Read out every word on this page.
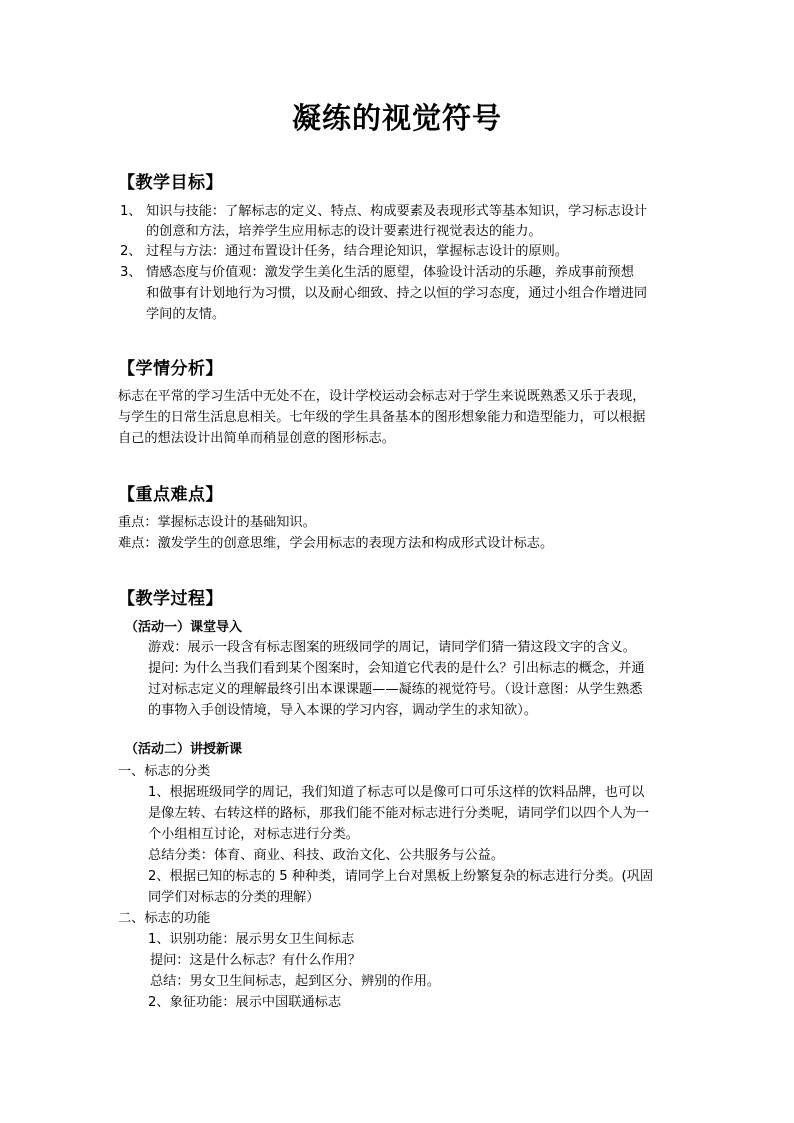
凝练的视觉符号
【教学目标】
1、 知识与技能：了解标志的定义、特点、构成要素及表现形式等基本知识，学习标志设计
的创意和方法，培养学生应用标志的设计要素进行视觉表达的能力。
2、 过程与方法：通过布置设计任务，结合理论知识，掌握标志设计的原则。
3、 情感态度与价值观：激发学生美化生活的愿望，体验设计活动的乐趣，养成事前预想
和做事有计划地行为习惯，以及耐心细致、持之以恒的学习态度，通过小组合作增进同
学间的友情。
【学情分析】
标志在平常的学习生活中无处不在，设计学校运动会标志对于学生来说既熟悉又乐于表现，
与学生的日常生活息息相关。七年级的学生具备基本的图形想象能力和造型能力，可以根据
自己的想法设计出简单而稍显创意的图形标志。
【重点难点】
重点：掌握标志设计的基础知识。
难点：激发学生的创意思维，学会用标志的表现方法和构成形式设计标志。
【教学过程】
（活动一）课堂导入
游戏：展示一段含有标志图案的班级同学的周记，请同学们猜一猜这段文字的含义。
提问: 为什么当我们看到某个图案时，会知道它代表的是什么？引出标志的概念，并通
过对标志定义的理解最终引出本课课题——凝练的视觉符号。（设计意图：从学生熟悉
的事物入手创设情境，导入本课的学习内容，调动学生的求知欲）。
（活动二）讲授新课
一、标志的分类
1、根据班级同学的周记，我们知道了标志可以是像可口可乐这样的饮料品牌，也可以
是像左转、右转这样的路标，那我们能不能对标志进行分类呢，请同学们以四个人为一
个小组相互讨论，对标志进行分类。
总结分类：体育、商业、科技、政治文化、公共服务与公益。
2、根据已知的标志的 5 种种类，请同学上台对黑板上纷繁复杂的标志进行分类。(巩固
同学们对标志的分类的理解）
二、标志的功能
1、识别功能：展示男女卫生间标志
提问：这是什么标志？有什么作用？
总结：男女卫生间标志，起到区分、辨别的作用。
2、象征功能：展示中国联通标志
